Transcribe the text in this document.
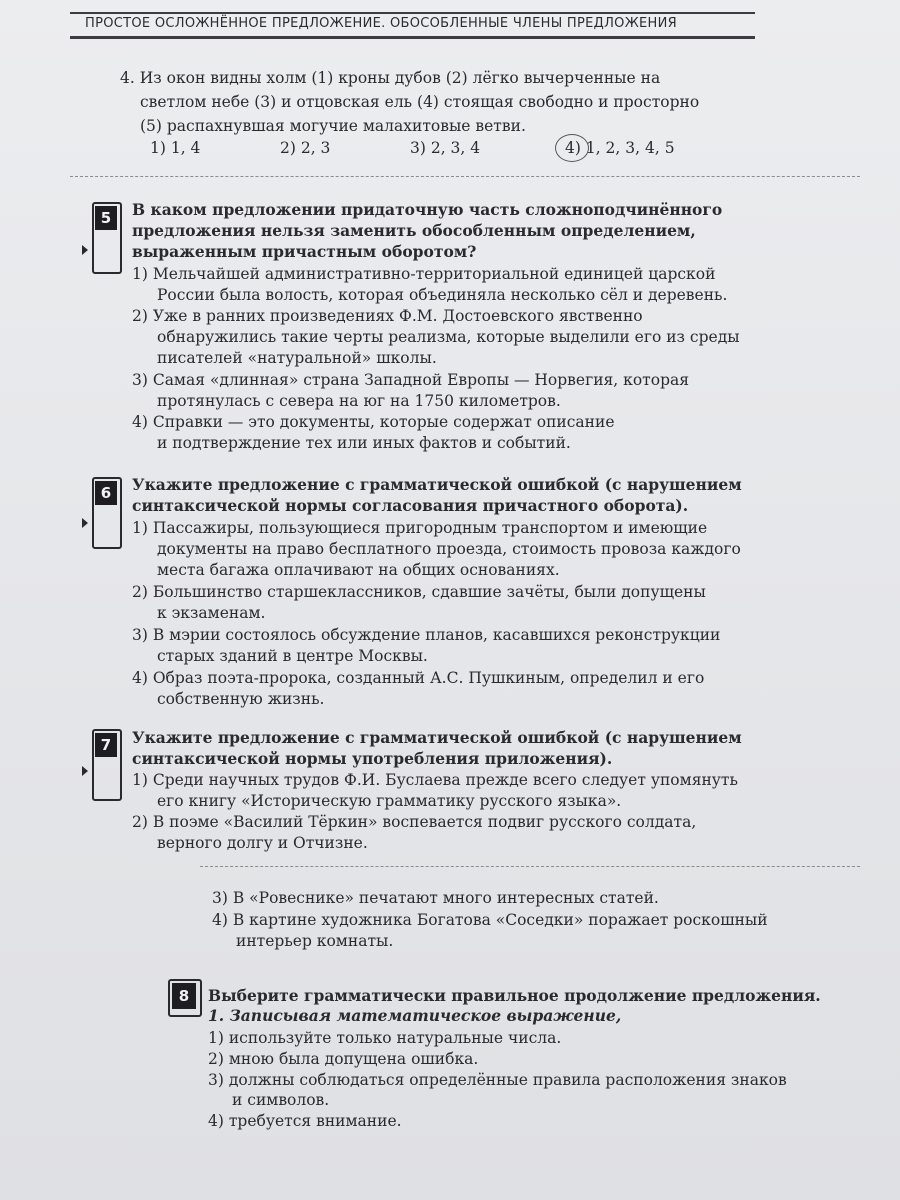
ПРОСТОЕ ОСЛОЖНЁННОЕ ПРЕДЛОЖЕНИЕ. ОБОСОБЛЕННЫЕ ЧЛЕНЫ ПРЕДЛОЖЕНИЯ
4. Из окон видны холм (1) кроны дубов (2) лёгко вычерченные на
светлом небе (3) и отцовская ель (4) стоящая свободно и просторно
(5) распахнувшая могучие малахитовые ветви.
1) 1, 4	2) 2, 3	3) 2, 3, 4	4) 1, 2, 3, 4, 5
5	В каком предложении придаточную часть сложноподчинённого
предложения нельзя заменить обособленным определением,
выраженным причастным оборотом?
1) Мельчайшей административно-территориальной единицей царской
России была волость, которая объединяла несколько сёл и деревень.
2) Уже в ранних произведениях Ф.М. Достоевского явственно
обнаружились такие черты реализма, которые выделили его из среды
писателей «натуральной» школы.
3) Самая «длинная» страна Западной Европы — Норвегия, которая
протянулась с севера на юг на 1750 километров.
4) Справки — это документы, которые содержат описание
и подтверждение тех или иных фактов и событий.
6	Укажите предложение с грамматической ошибкой (с нарушением
синтаксической нормы согласования причастного оборота).
1) Пассажиры, пользующиеся пригородным транспортом и имеющие
документы на право бесплатного проезда, стоимость провоза каждого
места багажа оплачивают на общих основаниях.
2) Большинство старшеклассников, сдавшие зачёты, были допущены
к экзаменам.
3) В мэрии состоялось обсуждение планов, касавшихся реконструкции
старых зданий в центре Москвы.
4) Образ поэта-пророка, созданный А.С. Пушкиным, определил и его
собственную жизнь.
7	Укажите предложение с грамматической ошибкой (с нарушением
синтаксической нормы употребления приложения).
1) Среди научных трудов Ф.И. Буслаева прежде всего следует упомянуть
его книгу «Историческую грамматику русского языка».
2) В поэме «Василий Тёркин» воспевается подвиг русского солдата,
верного долгу и Отчизне.
3) В «Ровеснике» печатают много интересных статей.
4) В картине художника Богатова «Соседки» поражает роскошный
интерьер комнаты.
8	Выберите грамматически правильное продолжение предложения.
1. Записывая математическое выражение,
1) используйте только натуральные числа.
2) мною была допущена ошибка.
3) должны соблюдаться определённые правила расположения знаков
и символов.
4) требуется внимание.
